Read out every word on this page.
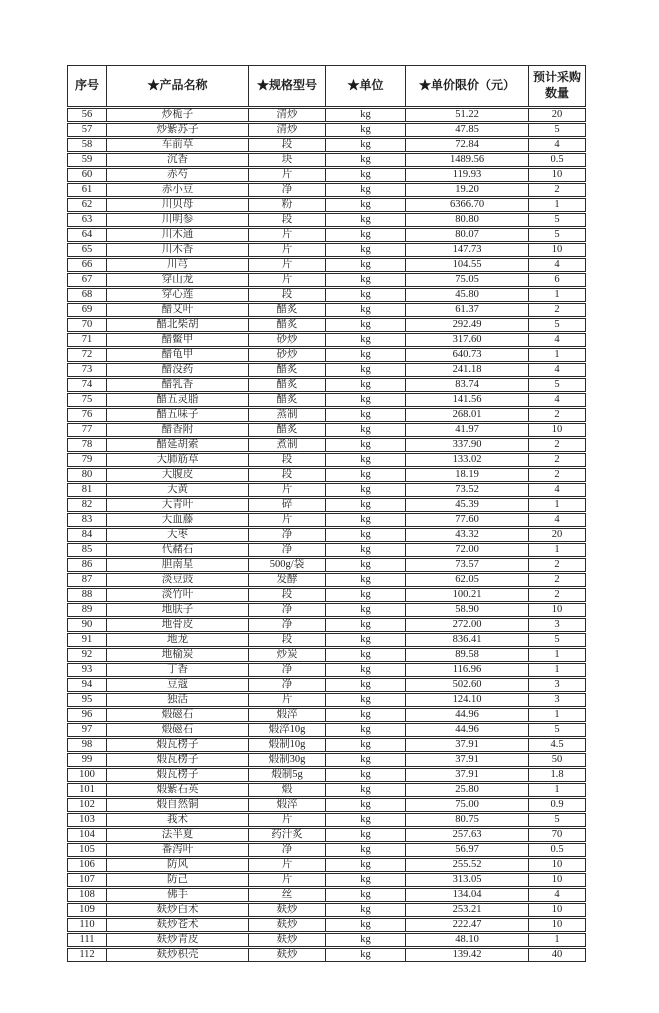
序号	★产品名称	★规格型号	★单位	★单价限价（元）	预计采购数量
56	炒栀子	清炒	kg	51.22	20
57	炒紫苏子	清炒	kg	47.85	5
58	车前草	段	kg	72.84	4
59	沉香	块	kg	1489.56	0.5
60	赤芍	片	kg	119.93	10
61	赤小豆	净	kg	19.20	2
62	川贝母	粉	kg	6366.70	1
63	川明参	段	kg	80.80	5
64	川木通	片	kg	80.07	5
65	川木香	片	kg	147.73	10
66	川芎	片	kg	104.55	4
67	穿山龙	片	kg	75.05	6
68	穿心莲	段	kg	45.80	1
69	醋艾叶	醋炙	kg	61.37	2
70	醋北柴胡	醋炙	kg	292.49	5
71	醋鳖甲	砂炒	kg	317.60	4
72	醋龟甲	砂炒	kg	640.73	1
73	醋没药	醋炙	kg	241.18	4
74	醋乳香	醋炙	kg	83.74	5
75	醋五灵脂	醋炙	kg	141.56	4
76	醋五味子	蒸制	kg	268.01	2
77	醋香附	醋炙	kg	41.97	10
78	醋延胡索	煮制	kg	337.90	2
79	大肺筋草	段	kg	133.02	2
80	大腹皮	段	kg	18.19	2
81	大黄	片	kg	73.52	4
82	大青叶	碎	kg	45.39	1
83	大血藤	片	kg	77.60	4
84	大枣	净	kg	43.32	20
85	代赭石	净	kg	72.00	1
86	胆南星	500g/袋	kg	73.57	2
87	淡豆豉	发酵	kg	62.05	2
88	淡竹叶	段	kg	100.21	2
89	地肤子	净	kg	58.90	10
90	地骨皮	净	kg	272.00	3
91	地龙	段	kg	836.41	5
92	地榆炭	炒炭	kg	89.58	1
93	丁香	净	kg	116.96	1
94	豆蔻	净	kg	502.60	3
95	独活	片	kg	124.10	3
96	煅磁石	煅淬	kg	44.96	1
97	煅磁石	煅淬10g	kg	44.96	5
98	煅瓦楞子	煅制10g	kg	37.91	4.5
99	煅瓦楞子	煅制30g	kg	37.91	50
100	煅瓦楞子	煅制5g	kg	37.91	1.8
101	煅紫石英	煅	kg	25.80	1
102	煅自然铜	煅淬	kg	75.00	0.9
103	莪术	片	kg	80.75	5
104	法半夏	药汁炙	kg	257.63	70
105	番泻叶	净	kg	56.97	0.5
106	防风	片	kg	255.52	10
107	防己	片	kg	313.05	10
108	佛手	丝	kg	134.04	4
109	麸炒白术	麸炒	kg	253.21	10
110	麸炒苍术	麸炒	kg	222.47	10
111	麸炒青皮	麸炒	kg	48.10	1
112	麸炒枳壳	麸炒	kg	139.42	40
